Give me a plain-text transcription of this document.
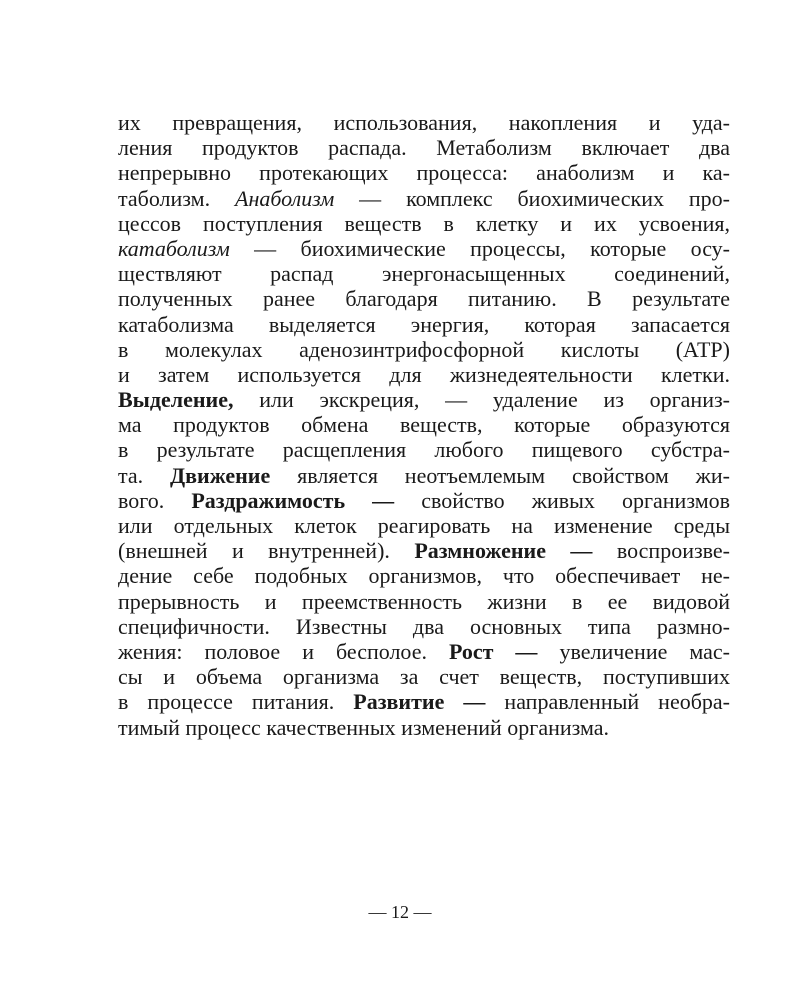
их превращения, использования, накопления и уда-
ления продуктов распада. Метаболизм включает два
непрерывно протекающих процесса: анаболизм и ка-
таболизм. Анаболизм — комплекс биохимических про-
цессов поступления веществ в клетку и их усвоения,
катаболизм — биохимические процессы, которые осу-
ществляют распад энергонасыщенных соединений,
полученных ранее благодаря питанию. В результате
катаболизма выделяется энергия, которая запасается
в молекулах аденозинтрифосфорной кислоты (АТР)
и затем используется для жизнедеятельности клетки.
Выделение, или экскреция, — удаление из организ-
ма продуктов обмена веществ, которые образуются
в результате расщепления любого пищевого субстра-
та. Движение является неотъемлемым свойством жи-
вого. Раздражимость — свойство живых организмов
или отдельных клеток реагировать на изменение среды
(внешней и внутренней). Размножение — воспроизве-
дение себе подобных организмов, что обеспечивает не-
прерывность и преемственность жизни в ее видовой
специфичности. Известны два основных типа размно-
жения: половое и бесполое. Рост — увеличение мас-
сы и объема организма за счет веществ, поступивших
в процессе питания. Развитие — направленный необра-
тимый процесс качественных изменений организма.
— 12 —
